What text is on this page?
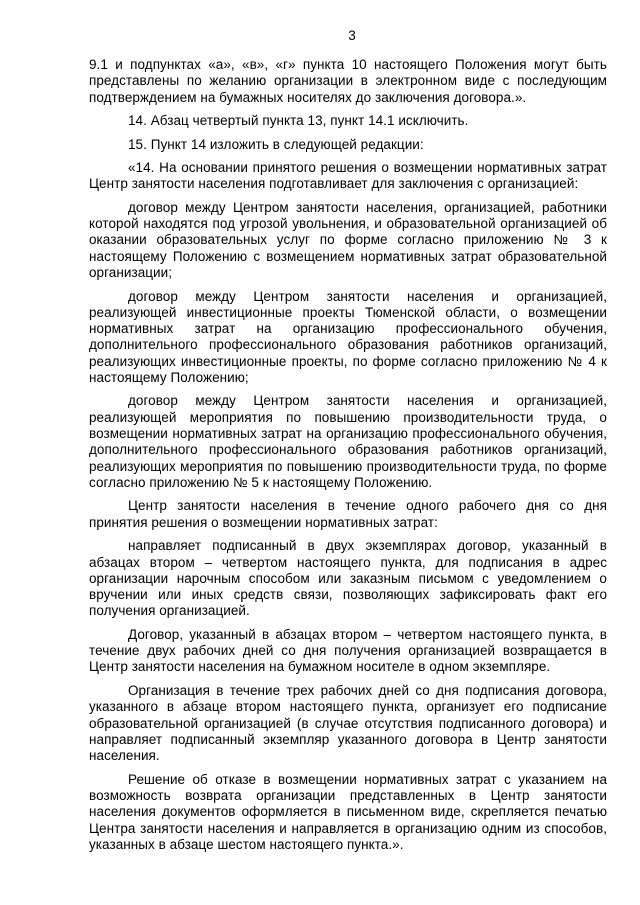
3

9.1 и подпунктах «а», «в», «г» пункта 10 настоящего Положения могут быть представлены по желанию организации в электронном виде с последующим подтверждением на бумажных носителях до заключения договора.».

14. Абзац четвертый пункта 13, пункт 14.1 исключить.

15. Пункт 14 изложить в следующей редакции:

«14. На основании принятого решения о возмещении нормативных затрат Центр занятости населения подготавливает для заключения с организацией:

договор между Центром занятости населения, организацией, работники которой находятся под угрозой увольнения, и образовательной организацией об оказании образовательных услуг по форме согласно приложению № 3 к настоящему Положению с возмещением нормативных затрат образовательной организации;

договор между Центром занятости населения и организацией, реализующей инвестиционные проекты Тюменской области, о возмещении нормативных затрат на организацию профессионального обучения, дополнительного профессионального образования работников организаций, реализующих инвестиционные проекты, по форме согласно приложению № 4 к настоящему Положению;

договор между Центром занятости населения и организацией, реализующей мероприятия по повышению производительности труда, о возмещении нормативных затрат на организацию профессионального обучения, дополнительного профессионального образования работников организаций, реализующих мероприятия по повышению производительности труда, по форме согласно приложению № 5 к настоящему Положению.

Центр занятости населения в течение одного рабочего дня со дня принятия решения о возмещении нормативных затрат:

направляет подписанный в двух экземплярах договор, указанный в абзацах втором – четвертом настоящего пункта, для подписания в адрес организации нарочным способом или заказным письмом с уведомлением о вручении или иных средств связи, позволяющих зафиксировать факт его получения организацией.

Договор, указанный в абзацах втором – четвертом настоящего пункта, в течение двух рабочих дней со дня получения организацией возвращается в Центр занятости населения на бумажном носителе в одном экземпляре.

Организация в течение трех рабочих дней со дня подписания договора, указанного в абзаце втором настоящего пункта, организует его подписание образовательной организацией (в случае отсутствия подписанного договора) и направляет подписанный экземпляр указанного договора в Центр занятости населения.

Решение об отказе в возмещении нормативных затрат с указанием на возможность возврата организации представленных в Центр занятости населения документов оформляется в письменном виде, скрепляется печатью Центра занятости населения и направляется в организацию одним из способов, указанных в абзаце шестом настоящего пункта.».
